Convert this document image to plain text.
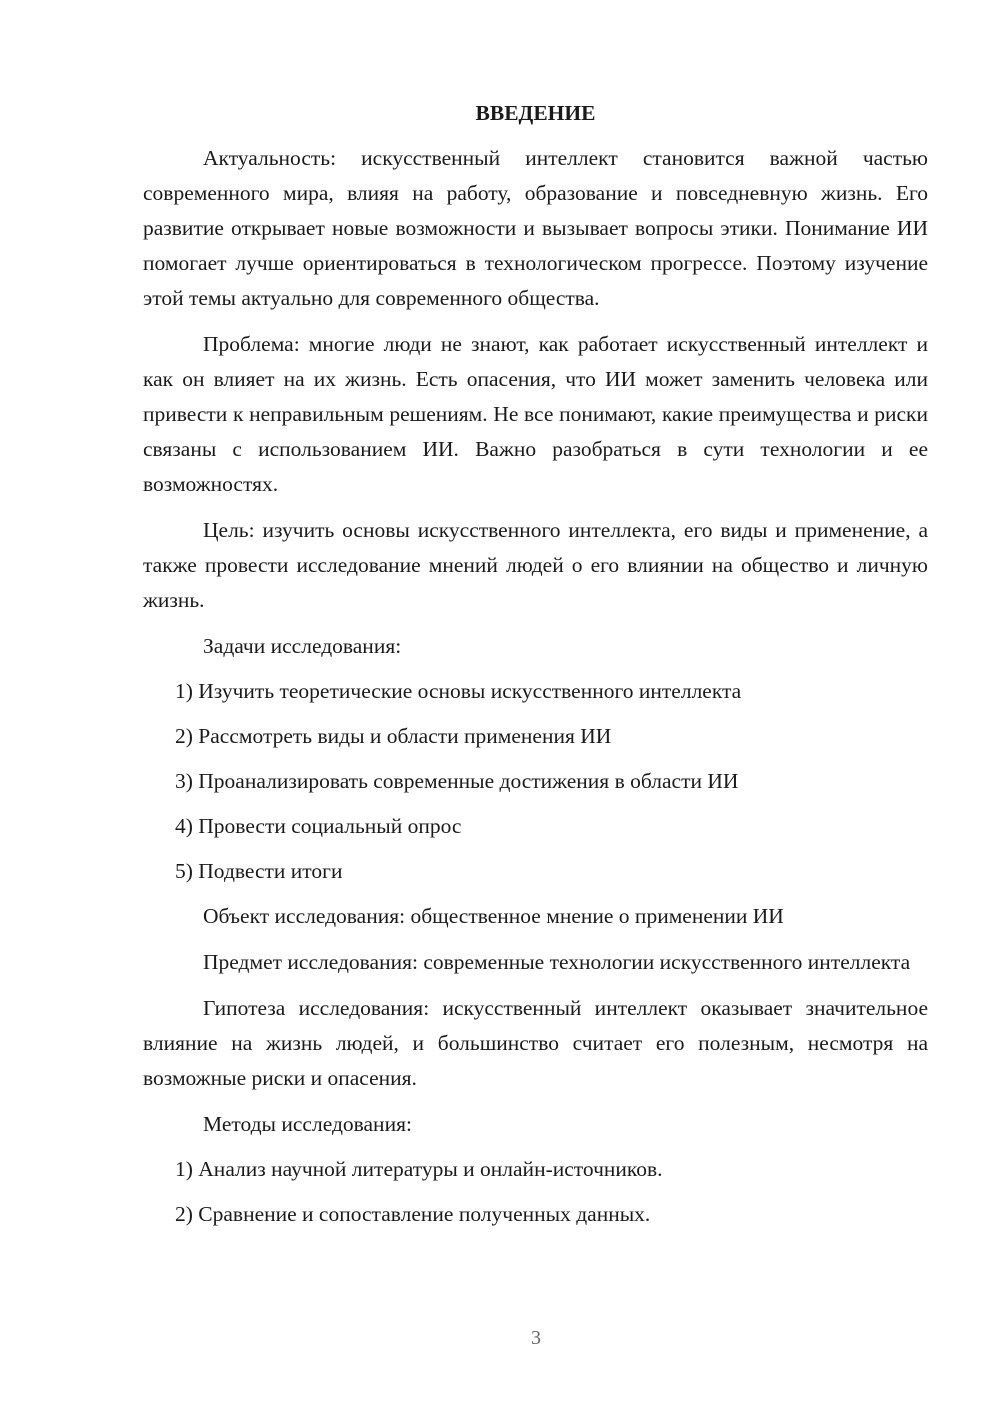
ВВЕДЕНИЕ

Актуальность: искусственный интеллект становится важной частью современного мира, влияя на работу, образование и повседневную жизнь. Его развитие открывает новые возможности и вызывает вопросы этики. Понимание ИИ помогает лучше ориентироваться в технологическом прогрессе. Поэтому изучение этой темы актуально для современного общества.

Проблема: многие люди не знают, как работает искусственный интеллект и как он влияет на их жизнь. Есть опасения, что ИИ может заменить человека или привести к неправильным решениям. Не все понимают, какие преимущества и риски связаны с использованием ИИ. Важно разобраться в сути технологии и ее возможностях.

Цель: изучить основы искусственного интеллекта, его виды и применение, а также провести исследование мнений людей о его влиянии на общество и личную жизнь.

Задачи исследования:
1) Изучить теоретические основы искусственного интеллекта
2) Рассмотреть виды и области применения ИИ
3) Проанализировать современные достижения в области ИИ
4) Провести социальный опрос
5) Подвести итоги

Объект исследования: общественное мнение о применении ИИ

Предмет исследования: современные технологии искусственного интеллекта

Гипотеза исследования: искусственный интеллект оказывает значительное влияние на жизнь людей, и большинство считает его полезным, несмотря на возможные риски и опасения.

Методы исследования:
1) Анализ научной литературы и онлайн-источников.
2) Сравнение и сопоставление полученных данных.
3
